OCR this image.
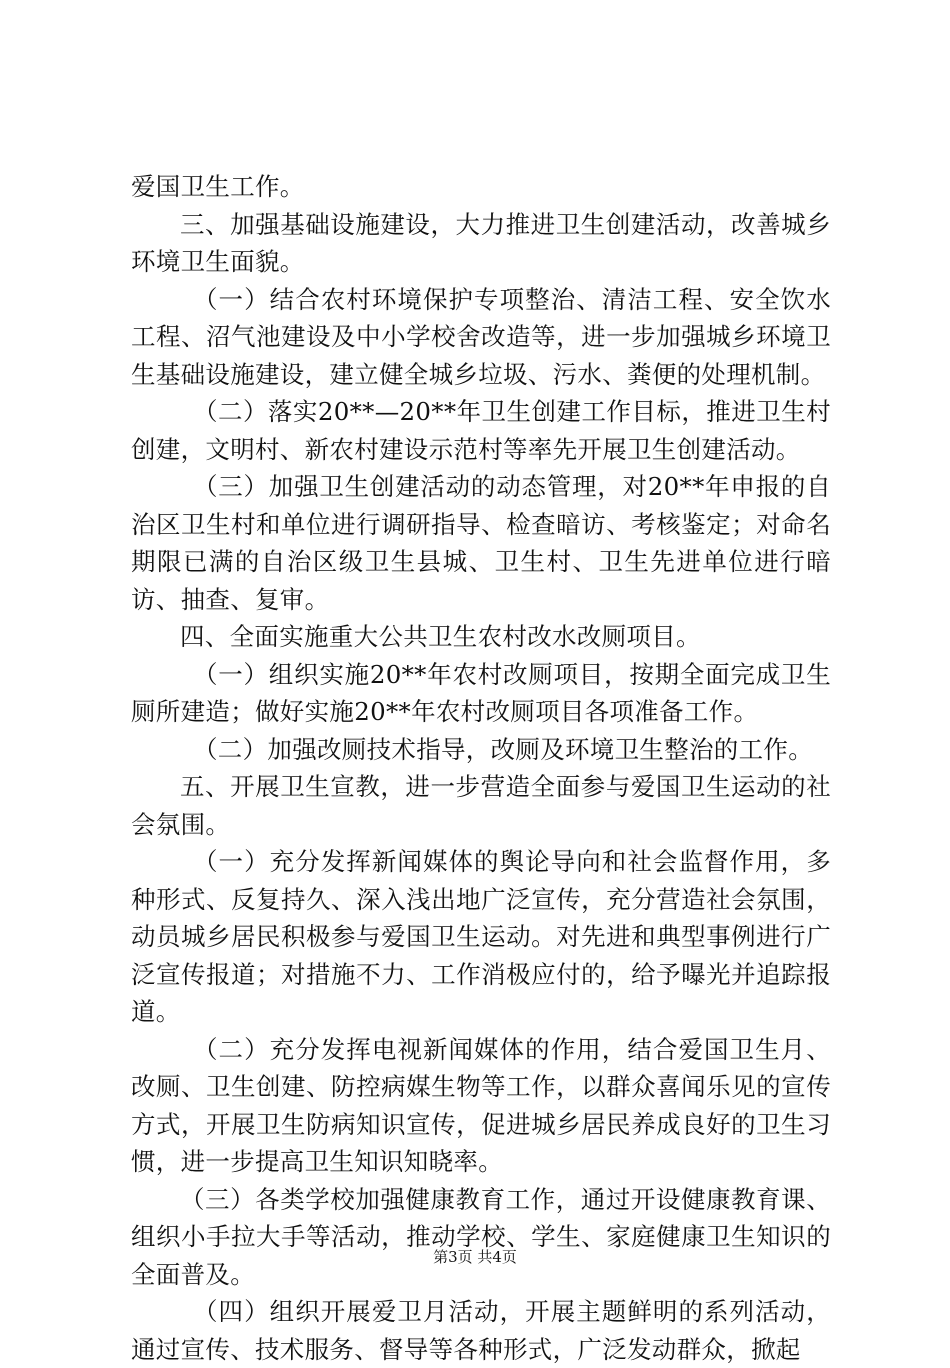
爱国卫生工作。

三、加强基础设施建设，大力推进卫生创建活动，改善城乡环境卫生面貌。

（一）结合农村环境保护专项整治、清洁工程、安全饮水工程、沼气池建设及中小学校舍改造等，进一步加强城乡环境卫生基础设施建设，建立健全城乡垃圾、污水、粪便的处理机制。

（二）落实20**—20**年卫生创建工作目标，推进卫生村创建，文明村、新农村建设示范村等率先开展卫生创建活动。

（三）加强卫生创建活动的动态管理，对20**年申报的自治区卫生村和单位进行调研指导、检查暗访、考核鉴定；对命名期限已满的自治区级卫生县城、卫生村、卫生先进单位进行暗访、抽查、复审。

四、全面实施重大公共卫生农村改水改厕项目。

（一）组织实施20**年农村改厕项目，按期全面完成卫生厕所建造；做好实施20**年农村改厕项目各项准备工作。

（二）加强改厕技术指导，改厕及环境卫生整治的工作。

五、开展卫生宣教，进一步营造全面参与爱国卫生运动的社会氛围。

（一）充分发挥新闻媒体的舆论导向和社会监督作用，多种形式、反复持久、深入浅出地广泛宣传，充分营造社会氛围，动员城乡居民积极参与爱国卫生运动。对先进和典型事例进行广泛宣传报道；对措施不力、工作消极应付的，给予曝光并追踪报道。

（二）充分发挥电视新闻媒体的作用，结合爱国卫生月、改厕、卫生创建、防控病媒生物等工作，以群众喜闻乐见的宣传方式，开展卫生防病知识宣传，促进城乡居民养成良好的卫生习惯，进一步提高卫生知识知晓率。

（三）各类学校加强健康教育工作，通过开设健康教育课、组织小手拉大手等活动，推动学校、学生、家庭健康卫生知识的全面普及。

（四）组织开展爱卫月活动，开展主题鲜明的系列活动，通过宣传、技术服务、督导等各种形式，广泛发动群众，掀起

第3页 共4页
